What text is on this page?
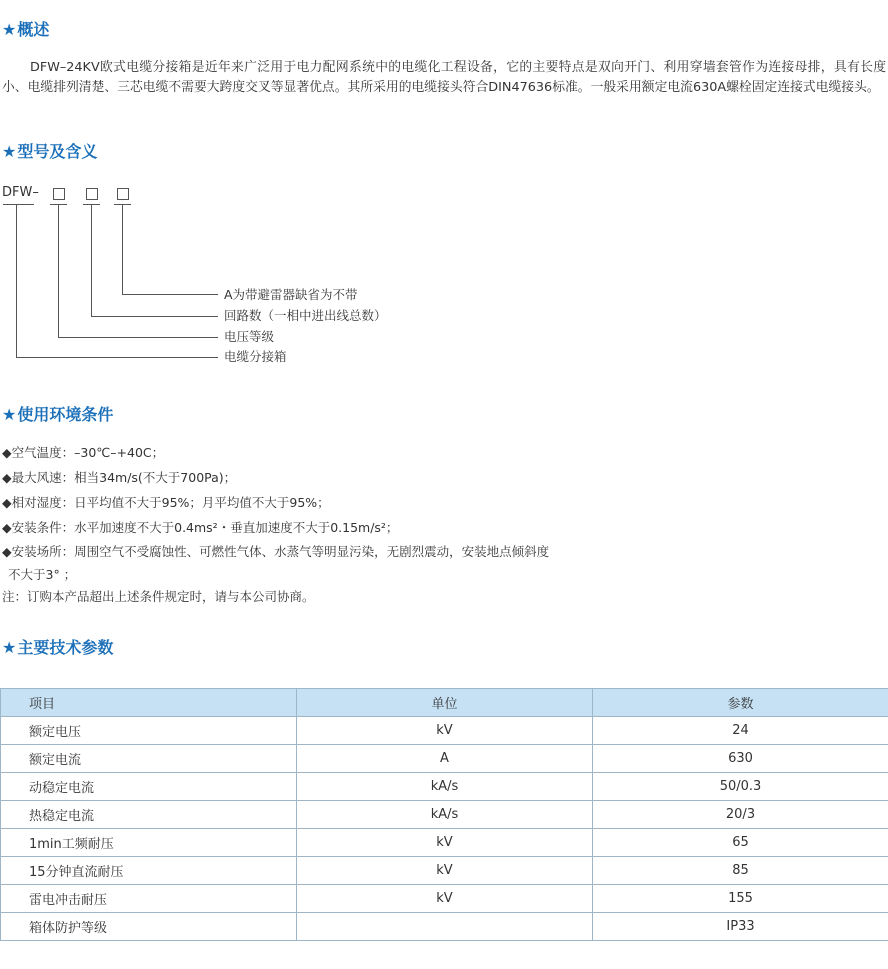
★概述

DFW–24KV欧式电缆分接箱是近年来广泛用于电力配网系统中的电缆化工程设备，它的主要特点是双向开门、利用穿墙套管作为连接母排，具有长度小、电缆排列清楚、三芯电缆不需要大跨度交叉等显著优点。其所采用的电缆接头符合DIN47636标准。一般采用额定电流630A螺栓固定连接式电缆接头。

★型号及含义
DFW–
A为带避雷器缺省为不带
回路数（一相中进出线总数）
电压等级
电缆分接箱
★使用环境条件
◆空气温度：–30℃–+40C；
◆最大风速：相当34m/s(不大于700Pa)；
◆相对湿度：日平均值不大于95%；月平均值不大于95%；
◆安装条件：水平加速度不大于0.4ms²・垂直加速度不大于0.15m/s²；
◆安装场所：周围空气不受腐蚀性、可燃性气体、水蒸气等明显污染，无剧烈震动，安装地点倾斜度
不大于3° ；
注：订购本产品超出上述条件规定时，请与本公司协商。
★主要技术参数
项目	单位	参数
额定电压	kV	24
额定电流	A	630
动稳定电流	kA/s	50/0.3
热稳定电流	kA/s	20/3
1min工频耐压	kV	65
15分钟直流耐压	kV	85
雷电冲击耐压	kV	155
箱体防护等级		IP33
